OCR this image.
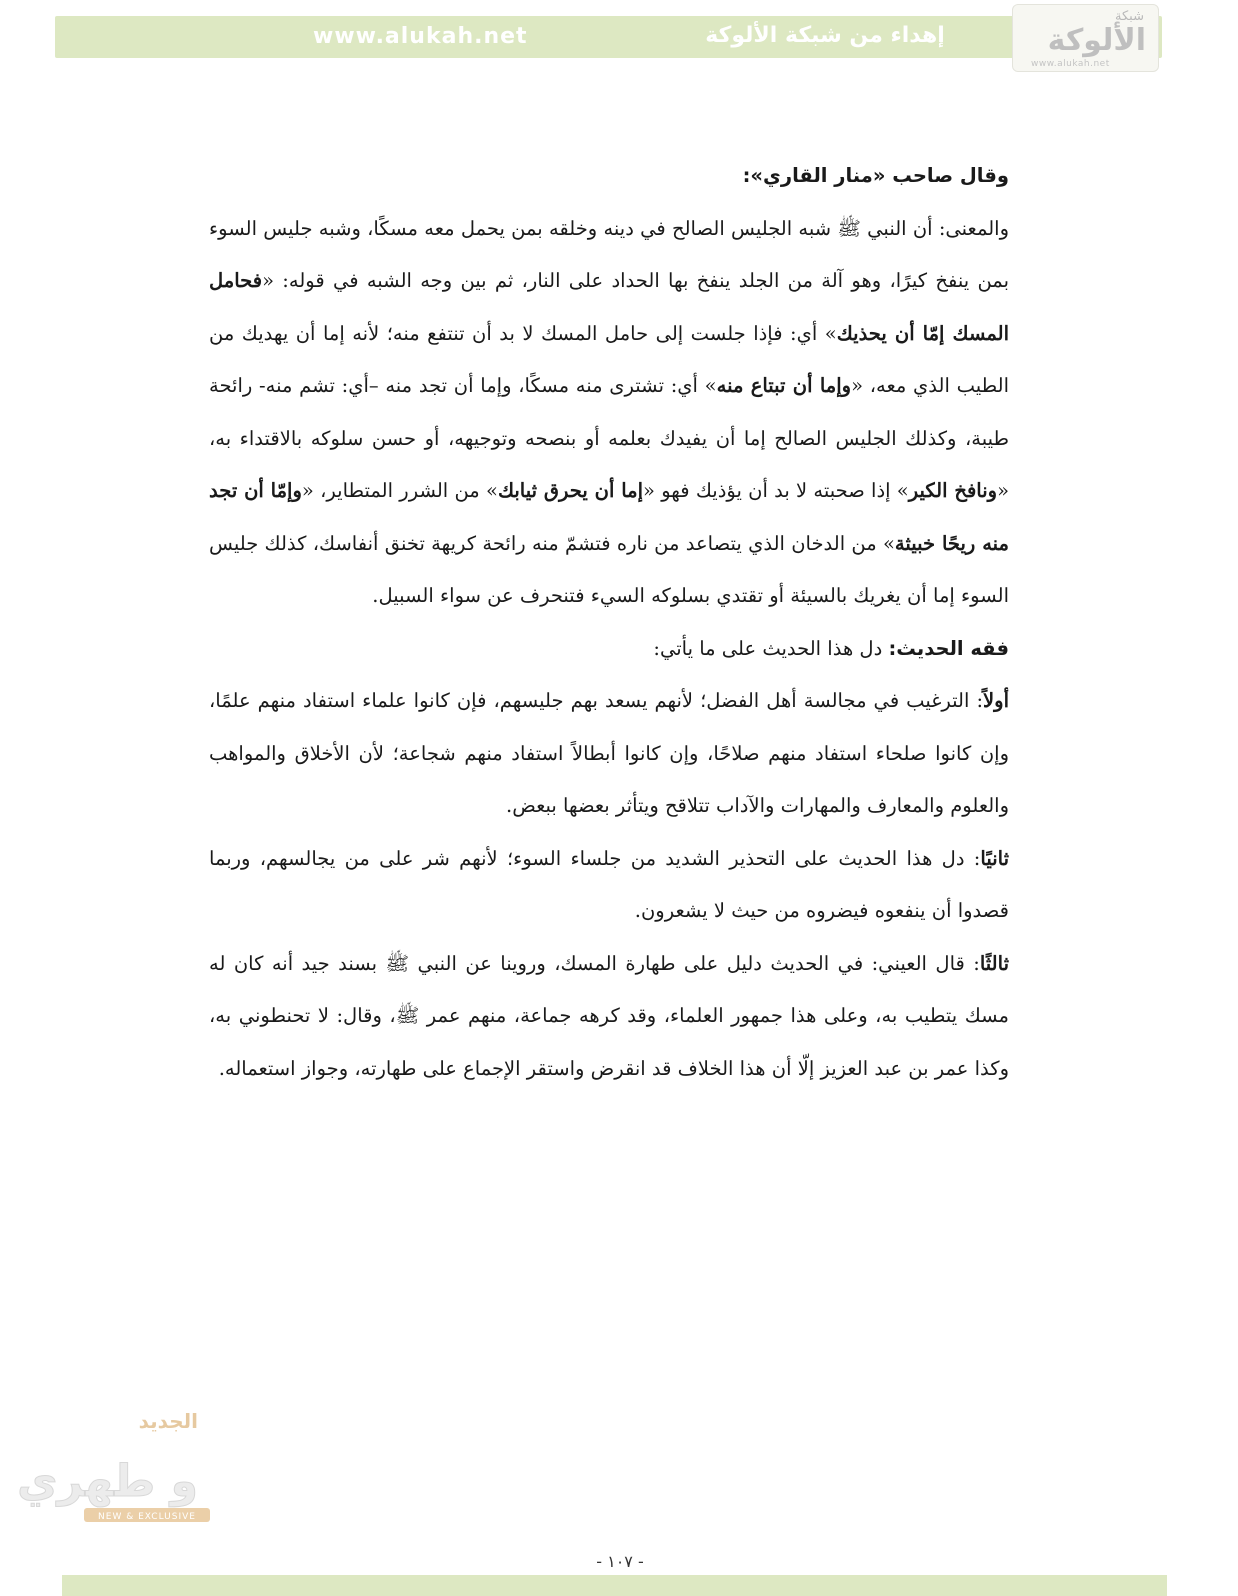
www.alukah.net	إهداء من شبكة الألوكة
شبكة
الألوكة
www.alukah.net

وقال صاحب «منار القاري»:

والمعنى: أن النبي ﷺ شبه الجليس الصالح في دينه وخلقه بمن يحمل معه مسكًا، وشبه جليس السوء بمن ينفخ كيرًا، وهو آلة من الجلد ينفخ بها الحداد على النار، ثم بين وجه الشبه في قوله: «فحامل المسك إمّا أن يحذيك» أي: فإذا جلست إلى حامل المسك لا بد أن تنتفع منه؛ لأنه إما أن يهديك من الطيب الذي معه، «وإما أن تبتاع منه» أي: تشترى منه مسكًا، وإما أن تجد منه –أي: تشم منه- رائحة طيبة، وكذلك الجليس الصالح إما أن يفيدك بعلمه أو بنصحه وتوجيهه، أو حسن سلوكه بالاقتداء به، «ونافخ الكير» إذا صحبته لا بد أن يؤذيك فهو «إما أن يحرق ثيابك» من الشرر المتطاير، «وإمّا أن تجد منه ريحًا خبيثة» من الدخان الذي يتصاعد من ناره فتشمّ منه رائحة كريهة تخنق أنفاسك، كذلك جليس السوء إما أن يغريك بالسيئة أو تقتدي بسلوكه السيء فتنحرف عن سواء السبيل.

فقه الحديث: دل هذا الحديث على ما يأتي:

أولاً: الترغيب في مجالسة أهل الفضل؛ لأنهم يسعد بهم جليسهم، فإن كانوا علماء استفاد منهم علمًا، وإن كانوا صلحاء استفاد منهم صلاحًا، وإن كانوا أبطالاً استفاد منهم شجاعة؛ لأن الأخلاق والمواهب والعلوم والمعارف والمهارات والآداب تتلاقح ويتأثر بعضها ببعض.

ثانيًا: دل هذا الحديث على التحذير الشديد من جلساء السوء؛ لأنهم شر على من يجالسهم، وربما قصدوا أن ينفعوه فيضروه من حيث لا يشعرون.

ثالثًا: قال العيني: في الحديث دليل على طهارة المسك، وروينا عن النبي ﷺ بسند جيد أنه كان له مسك يتطيب به، وعلى هذا جمهور العلماء، وقد كرهه جماعة، منهم عمر ﷺ، وقال: لا تحنطوني به، وكذا عمر بن عبد العزيز إلّا أن هذا الخلاف قد انقرض واستقر الإجماع على طهارته، وجواز استعماله.

الجديد
و طهري
NEW & EXCLUSIVE
- ١٠٧ -
